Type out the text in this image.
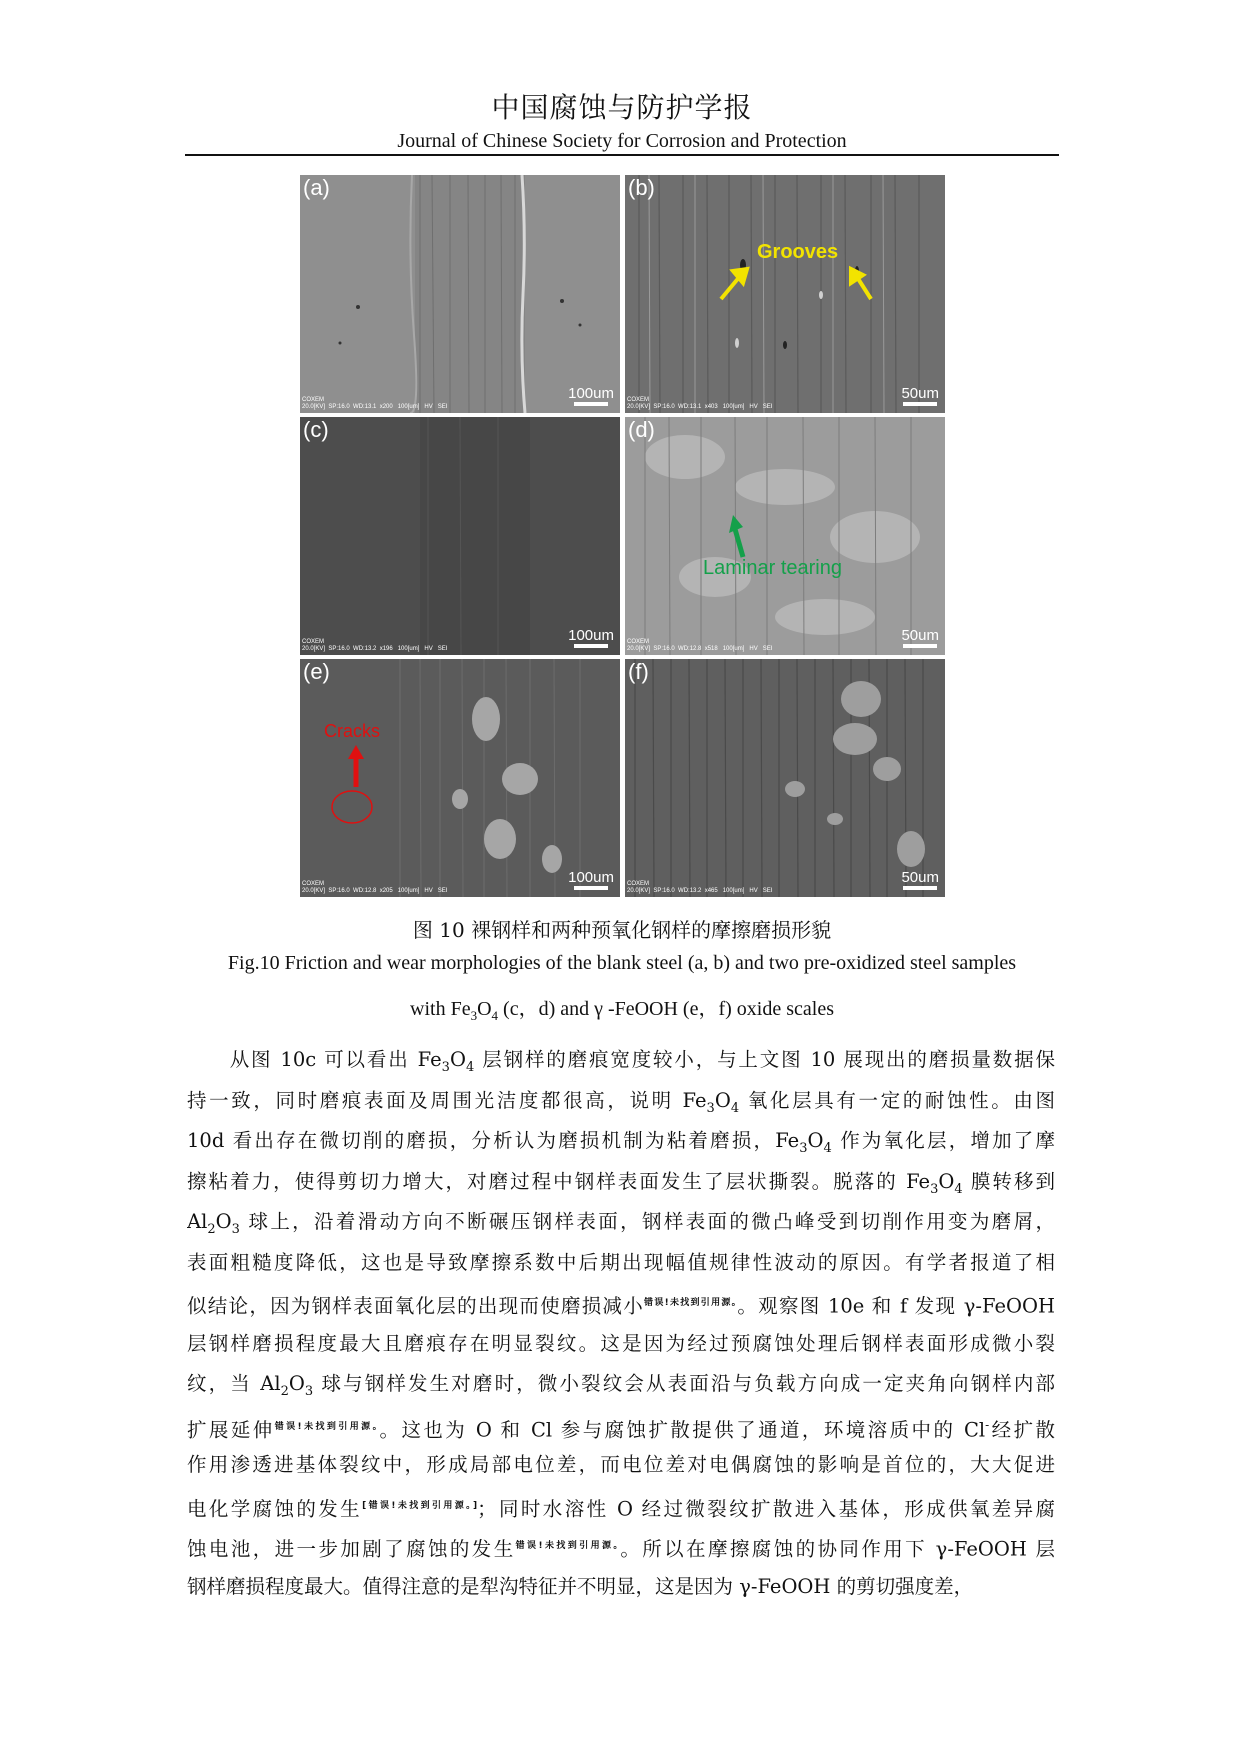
中国腐蚀与防护学报
Journal of Chinese Society for Corrosion and Protection
(a)
100um
COXEM
20.0[KV]  SP:16.0  WD:13.1  x200   100[um]   HV   SEI
Grooves
(b)
50um
COXEM
20.0[KV]  SP:16.0  WD:13.1  x403   100[um]   HV   SEI
(c)
100um
COXEM
20.0[KV]  SP:16.0  WD:13.2  x196   100[um]   HV   SEI
Laminar tearing
(d)
50um
COXEM
20.0[KV]  SP:16.0  WD:12.8  x518   100[um]   HV   SEI
Cracks
(e)
100um
COXEM
20.0[KV]  SP:16.0  WD:12.8  x205   100[um]   HV   SEI
(f)
50um
COXEM
20.0[KV]  SP:16.0  WD:13.2  x465   100[um]   HV   SEI
图 10 裸钢样和两种预氧化钢样的摩擦磨损形貌
Fig.10 Friction and wear morphologies of the blank steel (a, b) and two pre-oxidized steel samples
with $Fe_3O_4$ (c，d) and γ -FeOOH (e，f) oxide scales
　　从图 10c 可以看出 $Fe_3O_4$ 层钢样的磨痕宽度较小，与上文图 10 展现出的磨损量数据保
持一致，同时磨痕表面及周围光洁度都很高，说明 $Fe_3O_4$ 氧化层具有一定的耐蚀性。由图
10d 看出存在微切削的磨损，分析认为磨损机制为粘着磨损，$Fe_3O_4$ 作为氧化层，增加了摩
擦粘着力，使得剪切力增大，对磨过程中钢样表面发生了层状撕裂。脱落的 $Fe_3O_4$ 膜转移到
$Al_2O_3$ 球上，沿着滑动方向不断碾压钢样表面，钢样表面的微凸峰受到切削作用变为磨屑，
表面粗糙度降低，这也是导致摩擦系数中后期出现幅值规律性波动的原因。有学者报道了相
似结论，因为钢样表面氧化层的出现而使磨损减小$^{错误!未找到引用源。}$。观察图 10e 和 f 发现 γ-FeOOH
层钢样磨损程度最大且磨痕存在明显裂纹。这是因为经过预腐蚀处理后钢样表面形成微小裂
纹，当 $Al_2O_3$ 球与钢样发生对磨时，微小裂纹会从表面沿与负载方向成一定夹角向钢样内部
扩展延伸$^{错误!未找到引用源。}$。这也为 O 和 Cl 参与腐蚀扩散提供了通道，环境溶质中的 Cl-经扩散
作用渗透进基体裂纹中，形成局部电位差，而电位差对电偶腐蚀的影响是首位的，大大促进
电化学腐蚀的发生[错误!未找到引用源。]；同时水溶性 O 经过微裂纹扩散进入基体，形成供氧差异腐
蚀电池，进一步加剧了腐蚀的发生$^{错误!未找到引用源。}$。所以在摩擦腐蚀的协同作用下 γ-FeOOH 层
钢样磨损程度最大。值得注意的是犁沟特征并不明显，这是因为 γ-FeOOH 的剪切强度差，
